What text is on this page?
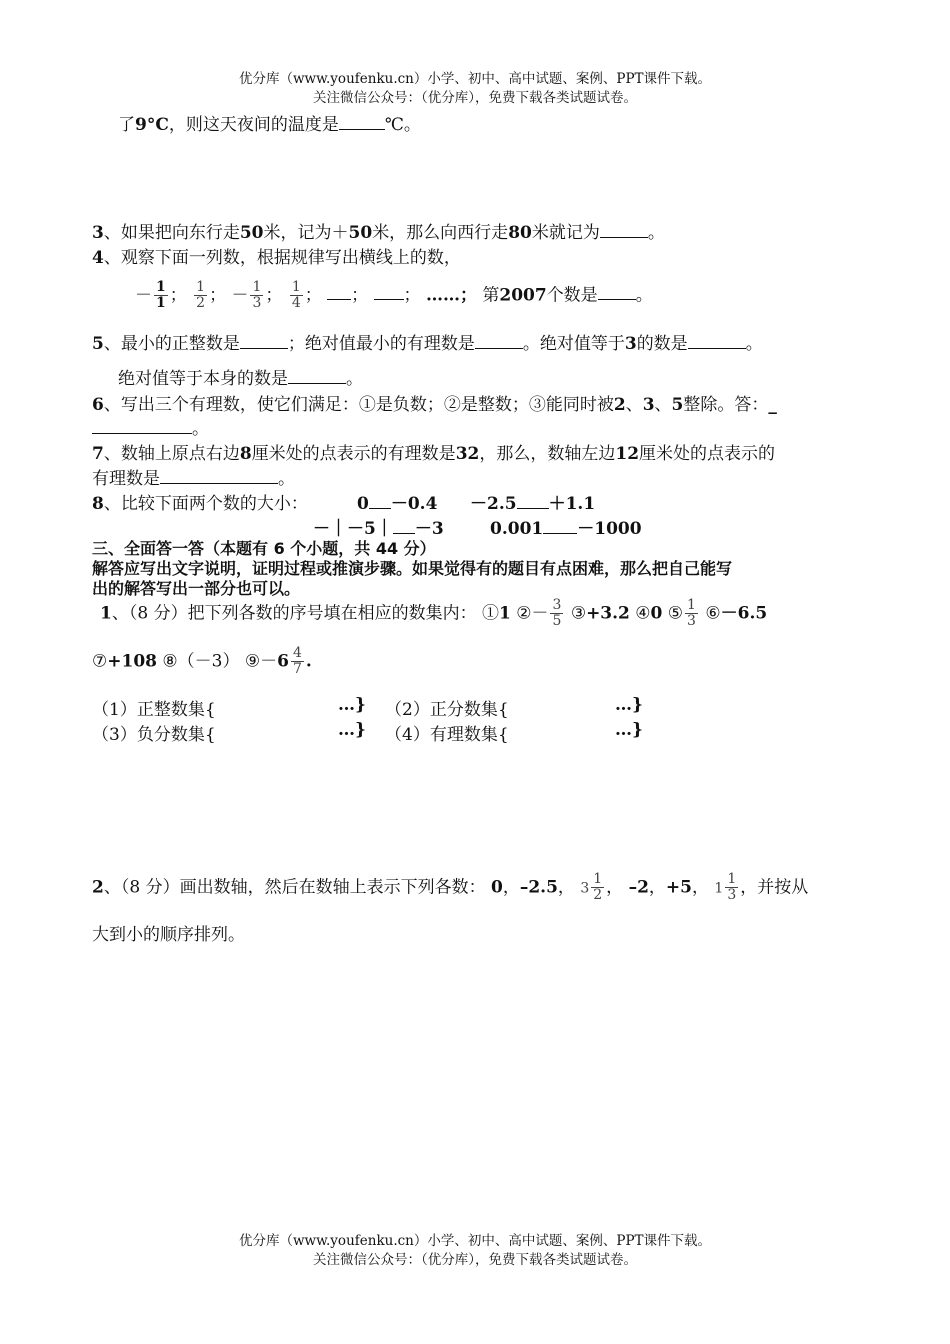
优分库（www.youfenku.cn）小学、初中、高中试题、案例、PPT课件下载。
关注微信公众号：（优分库），免费下载各类试题试卷。
了9°C，则这天夜间的温度是	℃。
3、如果把向东行走50米，记为＋50米，那么向西行走80米就记为	。
4、观察下面一列数，根据规律写出横线上的数，
－ $\frac{1}{1}$ ； $\frac{1}{2}$ ； － $\frac{1}{3}$ ； $\frac{1}{4}$ ； ； ； ……； 第2007个数是 。
5、最小的正整数是	；绝对值最小的有理数是	。绝对值等于3的数是	。
绝对值等于本身的数是	。
6、写出三个有理数，使它们满足：①是负数；②是整数；③能同时被2、3、5整除。答：_
。
7、数轴上原点右边8厘米处的点表示的有理数是32，那么，数轴左边12厘米处的点表示的
有理数是	。
8、比较下面两个数的大小：	0 －0.4 －2.5 ＋1.1
－｜－5｜ －3	0.001 －1000
三、全面答一答（本题有 6 个小题，共 44 分）
解答应写出文字说明，证明过程或推演步骤。如果觉得有的题目有点困难，那么把自己能写
出的解答写出一部分也可以。
1、（8 分）把下列各数的序号填在相应的数集内： ①1 ②－ $\frac{3}{5}$ ③+3.2 ④0 ⑤ $\frac{1}{3}$ ⑥－6.5
⑦+108 ⑧（－3） ⑨－6 $\frac{4}{7}$ .
（1）正整数集{	…} （2）正分数集{	…}
（3）负分数集{	…} （4）有理数集{	…}
2、（8 分）画出数轴，然后在数轴上表示下列各数： 0，–2.5， $3 \frac{1}{2}$ ， –2，+5， $1 \frac{1}{3}$ ，并按从
大到小的顺序排列。
优分库（www.youfenku.cn）小学、初中、高中试题、案例、PPT课件下载。
关注微信公众号：（优分库），免费下载各类试题试卷。
